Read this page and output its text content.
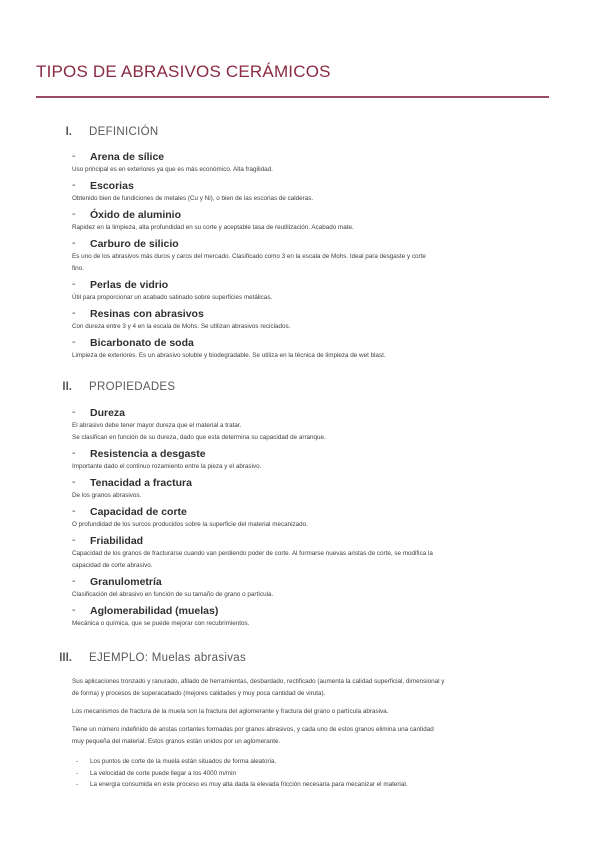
TIPOS DE ABRASIVOS CERÁMICOS
I. DEFINICIÓN
-	Arena de sílice
Uso principal es en exteriores ya que es más económico. Alta fragilidad.
-	Escorias
Obtenido bien de fundiciones de metales (Cu y Ni), o bien de las escorias de calderas.
-	Óxido de aluminio
Rapidez en la limpieza, alta profundidad en su corte y aceptable tasa de reutilización. Acabado mate.
-	Carburo de silicio
Es uno de los abrasivos más duros y caros del mercado. Clasificado como 3 en la escala de Mohs. Ideal para desgaste y corte
fino.
-	Perlas de vidrio
Útil para proporcionar un acabado satinado sobre superficies metálicas.
-	Resinas con abrasivos
Con dureza entre 3 y 4 en la escala de Mohs. Se utilizan abrasivos reciclados.
-	Bicarbonato de soda
Limpieza de exteriores. Es un abrasivo soluble y biodegradable. Se utiliza en la técnica de limpieza de wet blast.
II. PROPIEDADES
-	Dureza
El abrasivo debe tener mayor dureza que el material a tratar.
Se clasifican en función de su dureza, dado que esta determina su capacidad de arranque.
-	Resistencia a desgaste
Importante dado el continuo rozamiento entre la pieza y el abrasivo.
-	Tenacidad a fractura
De los granos abrasivos.
-	Capacidad de corte
O profundidad de los surcos producidos sobre la superficie del material mecanizado.
-	Friabilidad
Capacidad de los granos de fracturarse cuando van perdiendo poder de corte. Al formarse nuevas aristas de corte, se modifica la
capacidad de corte abrasivo.
-	Granulometría
Clasificación del abrasivo en función de su tamaño de grano o partícula.
-	Aglomerabilidad (muelas)
Mecánica o química, que se puede mejorar con recubrimientos.
III. EJEMPLO: Muelas abrasivas
Sus aplicaciones tronzado y ranurado, afilado de herramientas, desbardado, rectificado (aumenta la calidad superficial, dimensional y
de forma) y procesos de superacabado (mejores calidades y muy poca cantidad de viruta).
Los mecanismos de fractura de la muela son la fractura del aglomerante y fractura del grano o partícula abrasiva.
Tiene un número indefinido de aristas cortantes formadas por granos abrasivos, y cada uno de estos granos elimina una cantidad
muy pequeña del material. Estos granos están unidos por un aglomerante.
- Los puntos de corte de la muela están situados de forma aleatoria.
- La velocidad de corte puede llegar a los 4000 m/min
- La energía consumida en este proceso es muy alta dada la elevada fricción necesaria para mecanizar el material.
